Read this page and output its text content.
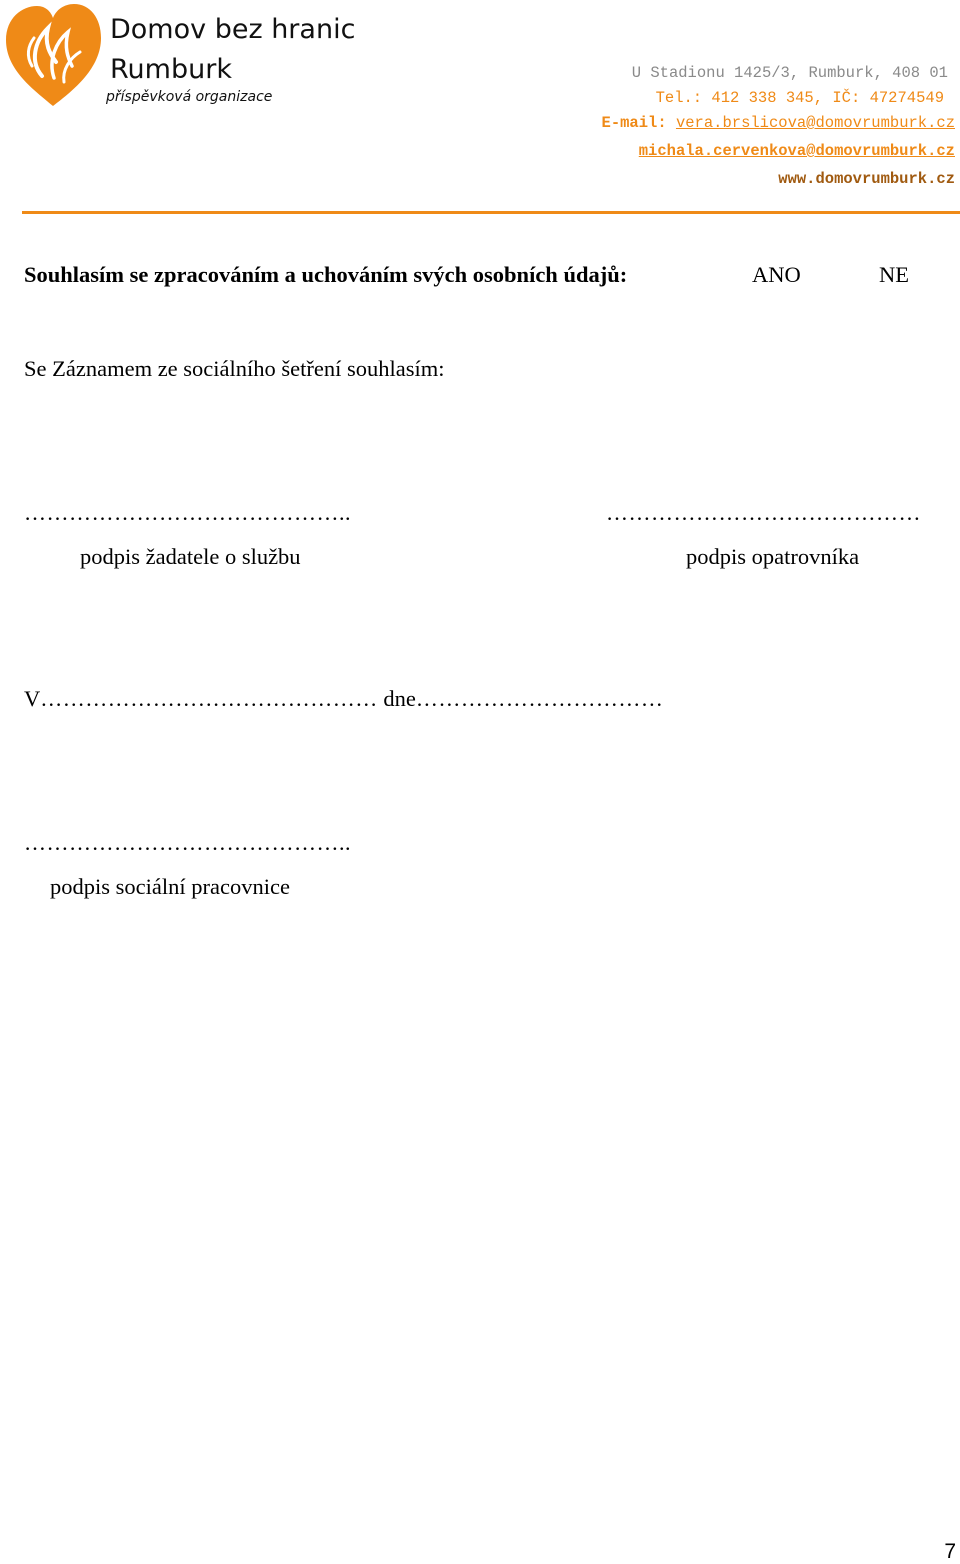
Domov bez hranic
Rumburk
příspěvková organizace
U Stadionu 1425/3, Rumburk, 408 01
Tel.: 412 338 345, IČ: 47274549
E-mail: vera.brslicova@domovrumburk.cz
michala.cervenkova@domovrumburk.cz
www.domovrumburk.cz
Souhlasím se zpracováním a uchováním svých osobních údajů:	ANO	NE
Se Záznamem ze sociálního šetření souhlasím:
……………………………………..
podpis žadatele o službu
……………………………………
podpis opatrovníka
V……………………………………… dne……………………………
……………………………………..
podpis sociální pracovnice
7
